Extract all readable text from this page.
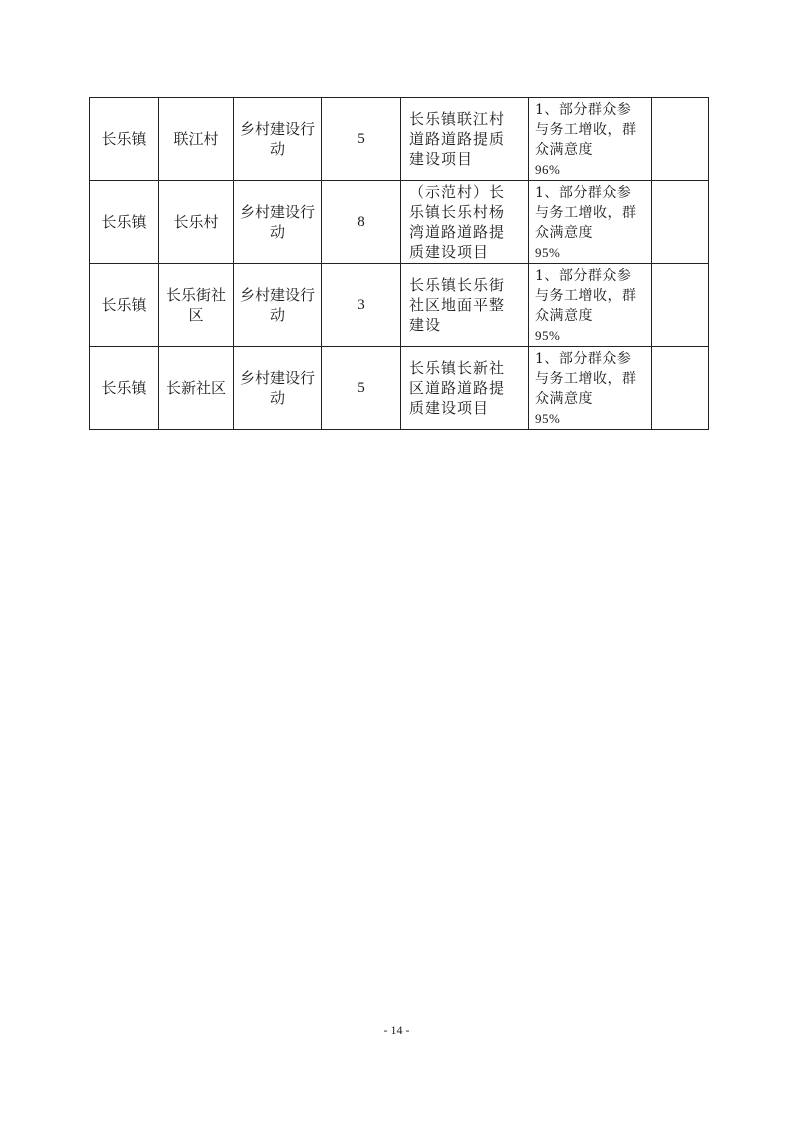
长乐镇	联江村	乡村建设行动	5	长乐镇联江村道路道路提质建设项目	1、部分群众参与务工增收，群众满意度
96%	

长乐镇	长乐村	乡村建设行动	8	（示范村）长乐镇长乐村杨湾道路道路提质建设项目	1、部分群众参与务工增收，群众满意度
95%	

长乐镇	长乐街社区	乡村建设行动	3	长乐镇长乐街社区地面平整建设	1、部分群众参与务工增收，群众满意度
95%	

长乐镇	长新社区	乡村建设行动	5	长乐镇长新社区道路道路提质建设项目	1、部分群众参与务工增收，群众满意度
95%	

- 14 -
